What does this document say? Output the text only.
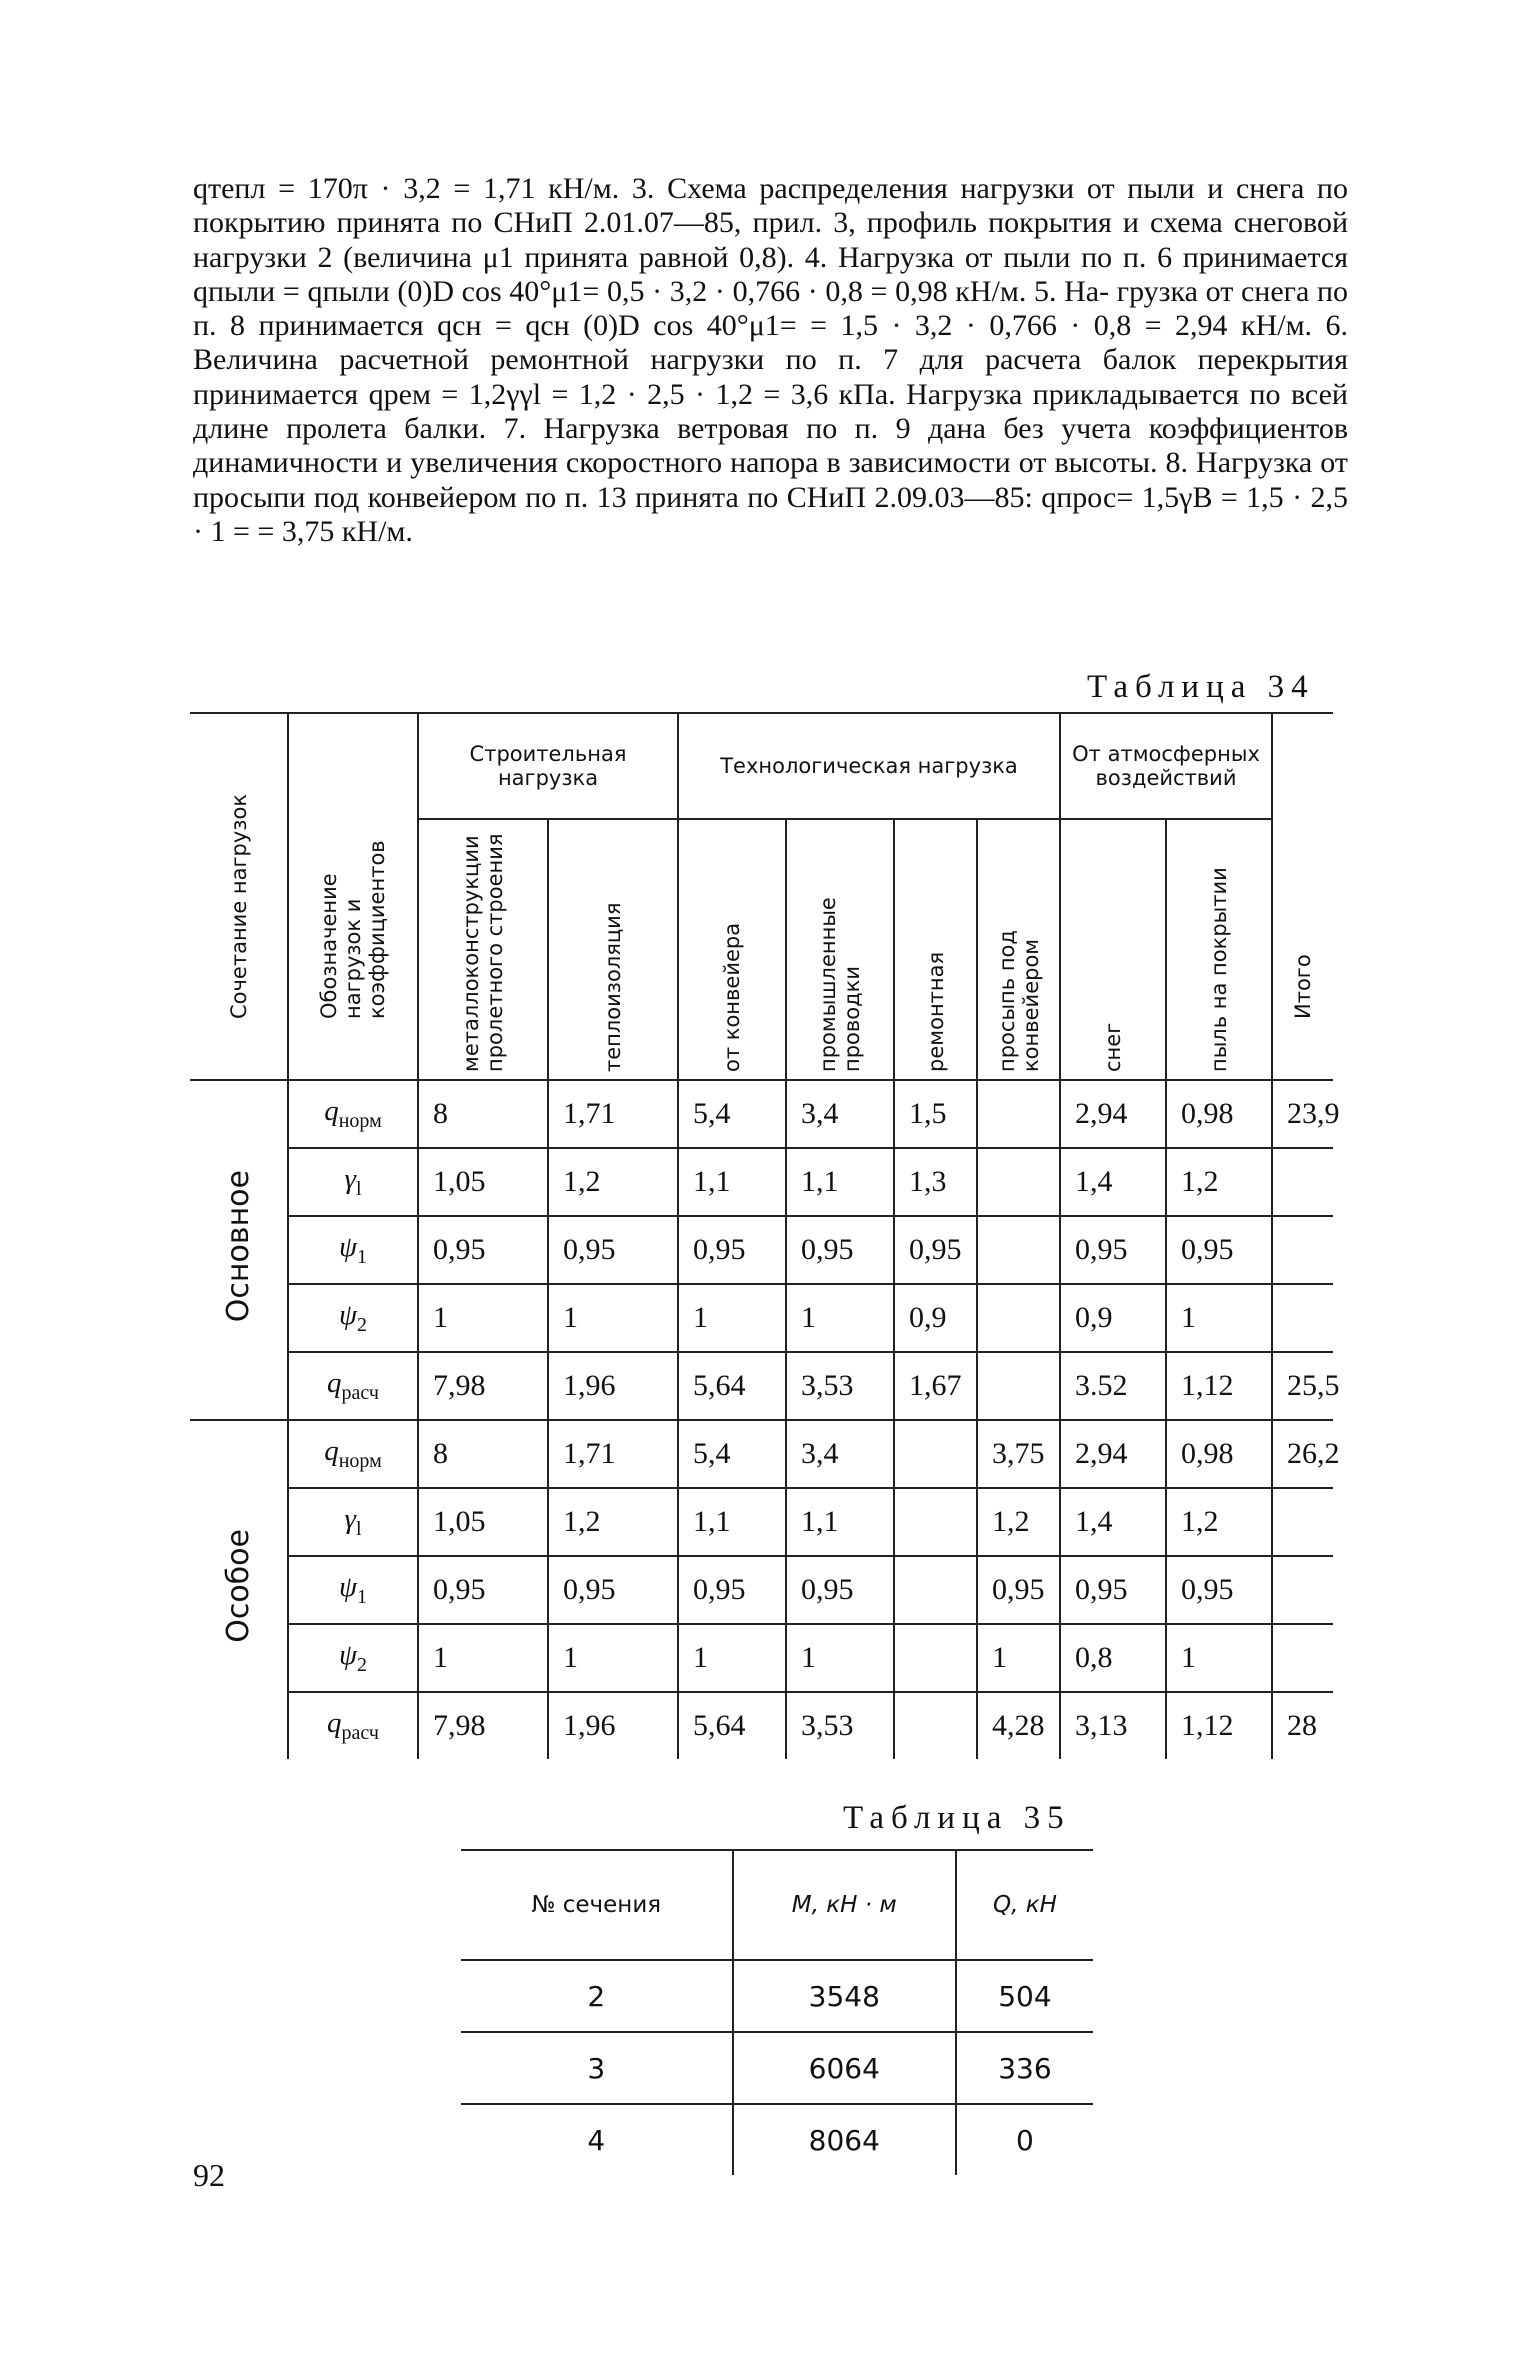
qтепл = 170π · 3,2 = 1,71 кН/м. 3. Схема распределения нагрузки от пыли и снега по покрытию принята по СНиП 2.01.07—85, прил. 3, профиль покрытия и схема снеговой нагрузки 2 (величина μ1 принята равной 0,8). 4. Нагрузка от пыли по п. 6 принимается qпыли = qпыли (0)D cos 40°μ1= 0,5 · 3,2 · 0,766 · 0,8 = 0,98 кН/м. 5. На- грузка от снега по п. 8 принимается qсн = qсн (0)D cos 40°μ1= = 1,5 · 3,2 · 0,766 · 0,8 = 2,94 кН/м. 6. Величина расчетной ремонтной нагрузки по п. 7 для расчета балок перекрытия принимается qрем = 1,2γγl = 1,2 · 2,5 · 1,2 = 3,6 кПа. Нагрузка прикладывается по всей длине пролета балки. 7. Нагрузка ветровая по п. 9 дана без учета коэффициентов динамичности и увеличения скоростного напора в зависимости от высоты. 8. Нагрузка от просыпи под конвейером по п. 13 принята по СНиП 2.09.03—85: qпрос= 1,5γB = 1,5 · 2,5 · 1 = = 3,75 кН/м.

Таблица 34
Сочетание нагрузок	Обозначение нагрузок и коэффициентов	Строительная нагрузка		Технологическая нагрузка				От атмосферных воздействий		Итого
		металлоконструкции пролетного строения	теплоизоляция	от конвейера	промышленные проводки	ремонтная	просыпь под конвейером	снег	пыль на покрытии	
Основное	$q_{норм}$	8	1,71	5,4	3,4	1,5		2,94	0,98	23,9
	$\gamma_l$	1,05	1,2	1,1	1,1	1,3		1,4	1,2	
	$\psi_1$	0,95	0,95	0,95	0,95	0,95		0,95	0,95	
	$\psi_2$	1	1	1	1	0,9		0,9	1	
	$q_{расч}$	7,98	1,96	5,64	3,53	1,67		3.52	1,12	25,5
Особое	$q_{норм}$	8	1,71	5,4	3,4		3,75	2,94	0,98	26,2
	$\gamma_l$	1,05	1,2	1,1	1,1		1,2	1,4	1,2	
	$\psi_1$	0,95	0,95	0,95	0,95		0,95	0,95	0,95	
	$\psi_2$	1	1	1	1		1	0,8	1	
	$q_{расч}$	7,98	1,96	5,64	3,53		4,28	3,13	1,12	28
Таблица 35
№ сечения	M, кН · м	Q, кН
2	3548	504
3	6064	336
4	8064	0
92
